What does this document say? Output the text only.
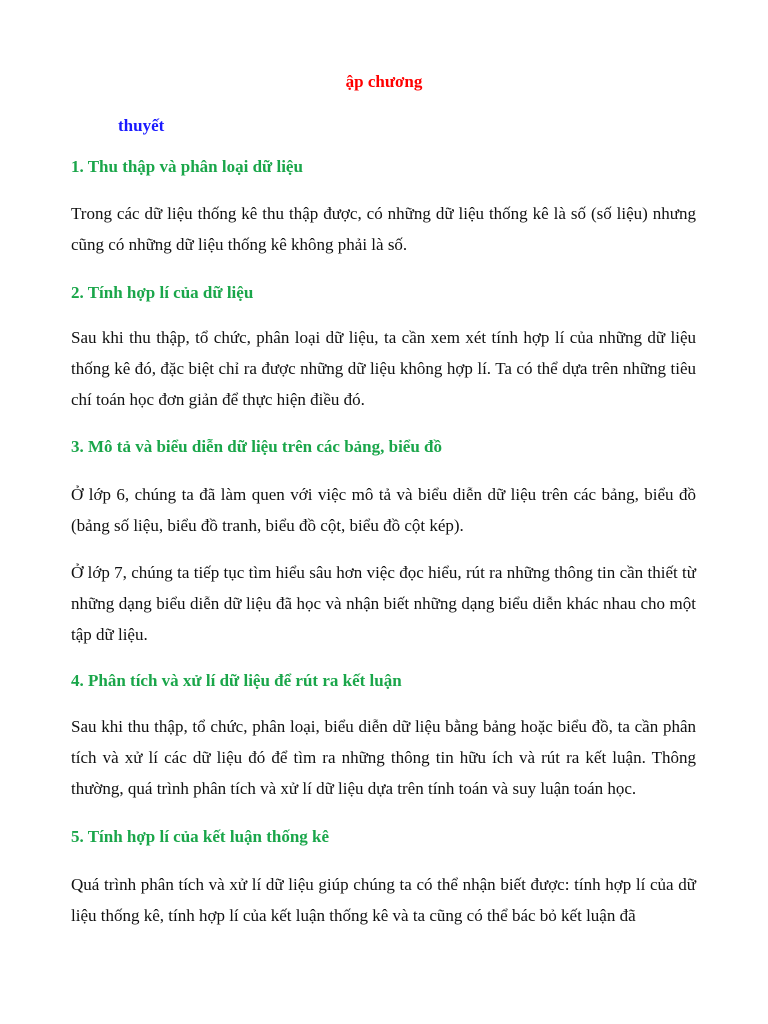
ập chương
thuyết
1. Thu thập và phân loại dữ liệu
Trong các dữ liệu thống kê thu thập được, có những dữ liệu thống kê là số (số liệu) nhưng cũng có những dữ liệu thống kê không phải là số.
2. Tính hợp lí của dữ liệu
Sau khi thu thập, tổ chức, phân loại dữ liệu, ta cần xem xét tính hợp lí của những dữ liệu thống kê đó, đặc biệt chỉ ra được những dữ liệu không hợp lí. Ta có thể dựa trên những tiêu chí toán học đơn giản để thực hiện điều đó.
3. Mô tả và biểu diễn dữ liệu trên các bảng, biểu đồ
Ở lớp 6, chúng ta đã làm quen với việc mô tả và biểu diễn dữ liệu trên các bảng, biểu đồ (bảng số liệu, biểu đồ tranh, biểu đồ cột, biểu đồ cột kép).
Ở lớp 7, chúng ta tiếp tục tìm hiểu sâu hơn việc đọc hiểu, rút ra những thông tin cần thiết từ những dạng biểu diễn dữ liệu đã học và nhận biết những dạng biểu diễn khác nhau cho một tập dữ liệu.
4. Phân tích và xử lí dữ liệu để rút ra kết luận
Sau khi thu thập, tổ chức, phân loại, biểu diễn dữ liệu bằng bảng hoặc biểu đồ, ta cần phân tích và xử lí các dữ liệu đó để tìm ra những thông tin hữu ích và rút ra kết luận. Thông thường, quá trình phân tích và xử lí dữ liệu dựa trên tính toán và suy luận toán học.
5. Tính hợp lí của kết luận thống kê
Quá trình phân tích và xử lí dữ liệu giúp chúng ta có thể nhận biết được: tính hợp lí của dữ liệu thống kê, tính hợp lí của kết luận thống kê và ta cũng có thể bác bỏ kết luận đã
